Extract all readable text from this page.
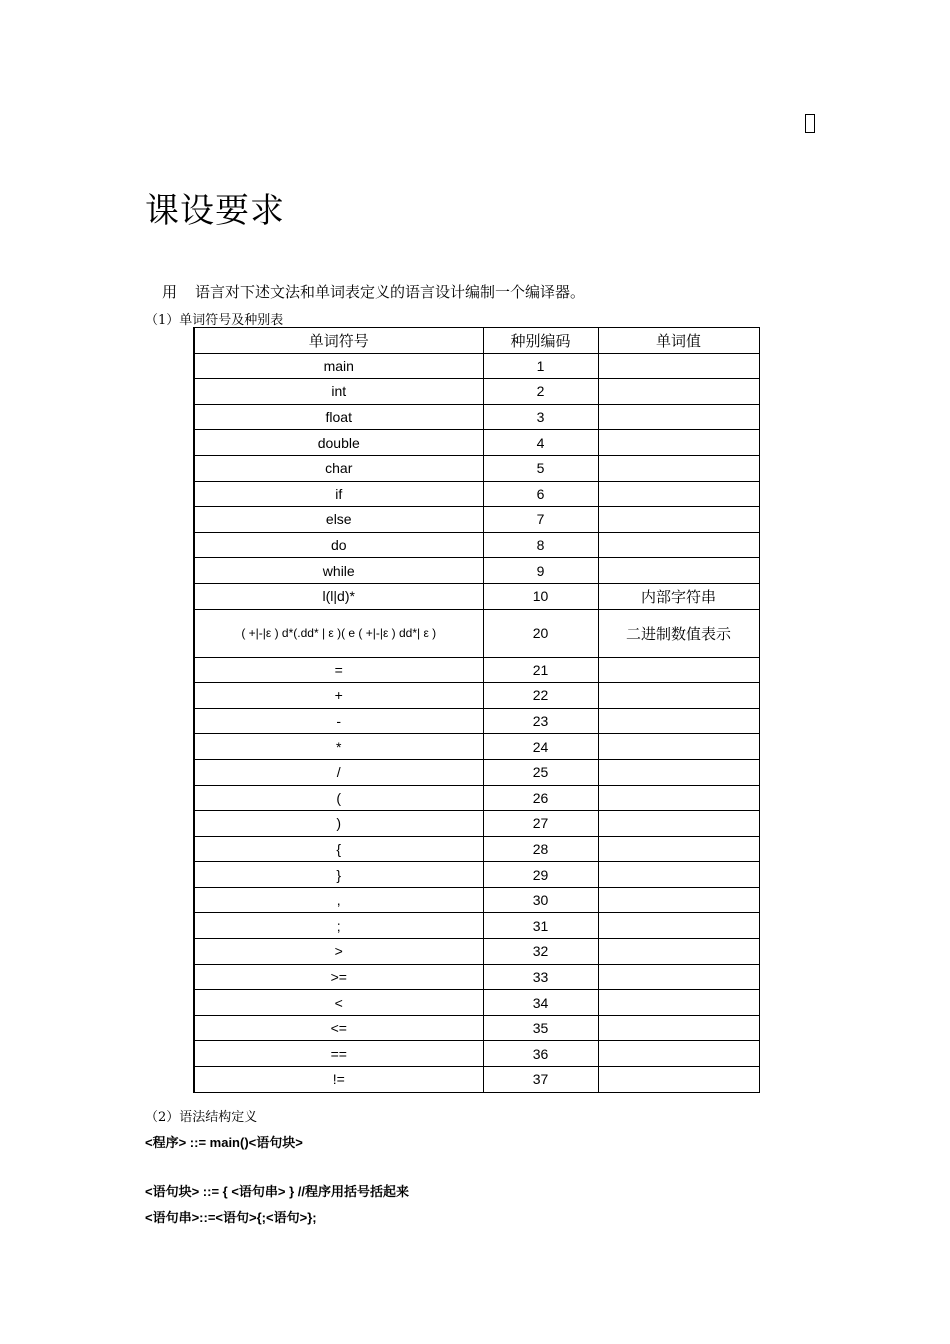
课设要求
用 语言对下述文法和单词表定义的语言设计编制一个编译器。
（1）单词符号及种别表
单词符号	种别编码	单词值
main	1	
int	2	
float	3	
double	4	
char	5	
if	6	
else	7	
do	8	
while	9	
l(l|d)*	10	内部字符串
( +|-|ε ) d*(.dd* | ε )( e ( +|-|ε ) dd*| ε )	20	二进制数值表示
=	21	
+	22	
-	23	
*	24	
/	25	
(	26	
)	27	
{	28	
}	29	
,	30	
;	31	
>	32	
>=	33	
<	34	
<=	35	
==	36	
!=	37	
（2）语法结构定义
<程序> ::= main()<语句块>
<语句块> ::= { <语句串> } //程序用括号括起来
<语句串>::=<语句>{;<语句>};
